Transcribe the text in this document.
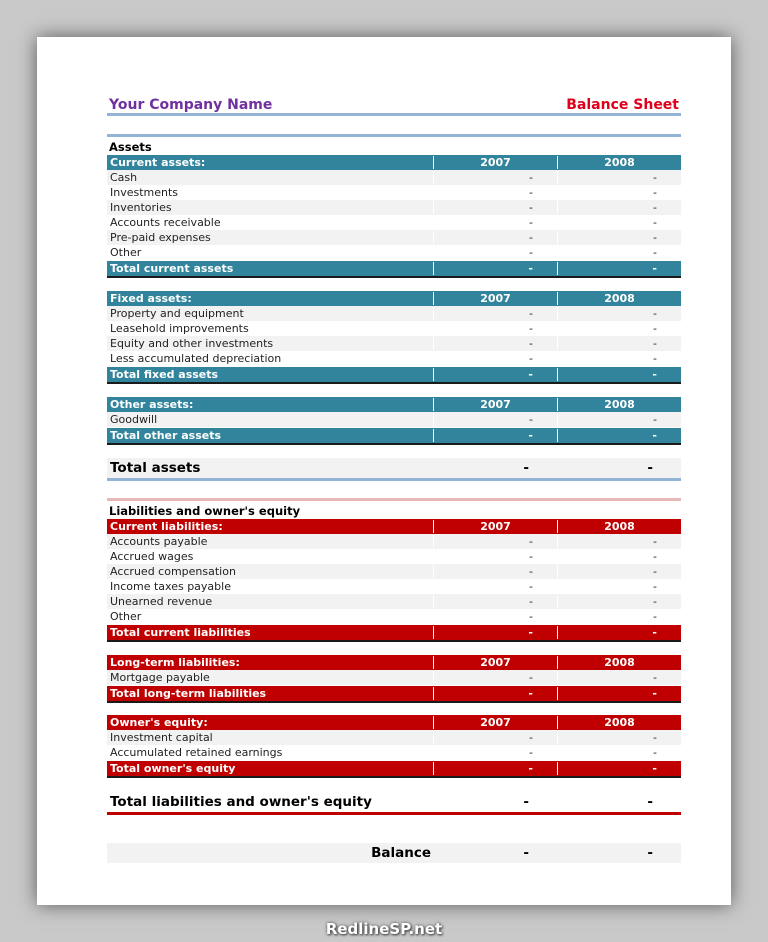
Your Company Name	Balance Sheet
Assets
Current assets:	2007	2008
Cash	-	-
Investments	-	-
Inventories	-	-
Accounts receivable	-	-
Pre-paid expenses	-	-
Other	-	-
Total current assets	-	-
Fixed assets:	2007	2008
Property and equipment	-	-
Leasehold improvements	-	-
Equity and other investments	-	-
Less accumulated depreciation	-	-
Total fixed assets	-	-
Other assets:	2007	2008
Goodwill	-	-
Total other assets	-	-
Total assets	-	-
Liabilities and owner's equity
Current liabilities:	2007	2008
Accounts payable	-	-
Accrued wages	-	-
Accrued compensation	-	-
Income taxes payable	-	-
Unearned revenue	-	-
Other	-	-
Total current liabilities	-	-
Long-term liabilities:	2007	2008
Mortgage payable	-	-
Total long-term liabilities	-	-
Owner's equity:	2007	2008
Investment capital	-	-
Accumulated retained earnings	-	-
Total owner's equity	-	-
Total liabilities and owner's equity	-	-
Balance	-	-
RedlineSP.net
